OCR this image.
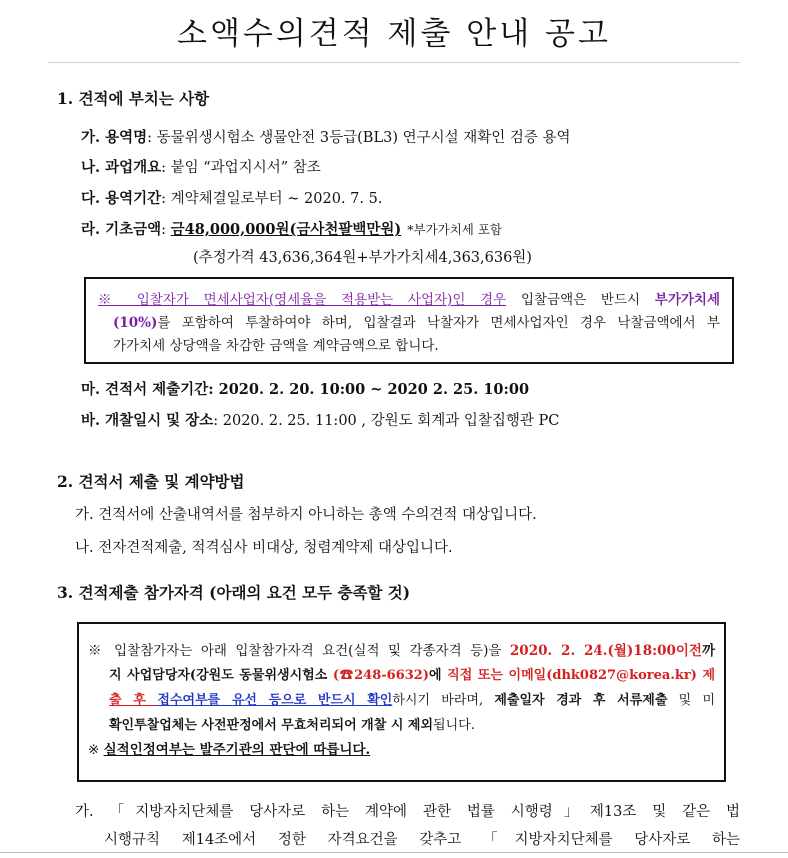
소액수의견적 제출 안내 공고
1. 견적에 부치는 사항
가. 용역명: 동물위생시험소 생물안전 3등급(BL3) 연구시설 재확인 검증 용역
나. 과업개요: 붙임 “과업지시서” 참조
다. 용역기간: 계약체결일로부터 ~ 2020. 7. 5.
라. 기초금액: 금48,000,000원(금사천팔백만원) *부가가치세 포함
(추정가격 43,636,364원+부가가치세4,363,636원)
※ 입찰자가 면세사업자(영세율을 적용받는 사업자)인 경우 입찰금액은 반드시 부가가치세
(10%)를 포함하여 투찰하여야 하며, 입찰결과 낙찰자가 면세사업자인 경우 낙찰금액에서 부
가가치세 상당액을 차감한 금액을 계약금액으로 합니다.
마. 견적서 제출기간: 2020. 2. 20. 10:00 ~ 2020 2. 25. 10:00
바. 개찰일시 및 장소: 2020. 2. 25. 11:00 , 강원도 회계과 입찰집행관 PC
2. 견적서 제출 및 계약방법
가. 견적서에 산출내역서를 첨부하지 아니하는 총액 수의견적 대상입니다.
나. 전자견적제출, 적격심사 비대상, 청렴계약제 대상입니다.
3. 견적제출 참가자격 (아래의 요건 모두 충족할 것)
※ 입찰참가자는 아래 입찰참가자격 요건(실적 및 각종자격 등)을 2020. 2. 24.(월)18:00이전까
지 사업담당자(강원도 동물위생시험소 (☎248-6632)에 직접 또는 이메일(dhk0827@korea.kr) 제
출 후 접수여부를 유선 등으로 반드시 확인하시기 바라며, 제출일자 경과 후 서류제출 및 미
확인투찰업체는 사전판정에서 무효처리되어 개찰 시 제외됩니다.
※ 실적인정여부는 발주기관의 판단에 따릅니다.
가. 「지방자치단체를 당사자로 하는 계약에 관한 법률 시행령」제13조 및 같은 법
시행규칙 제14조에서 정한 자격요건을 갖추고 「지방자치단체를 당사자로 하는
